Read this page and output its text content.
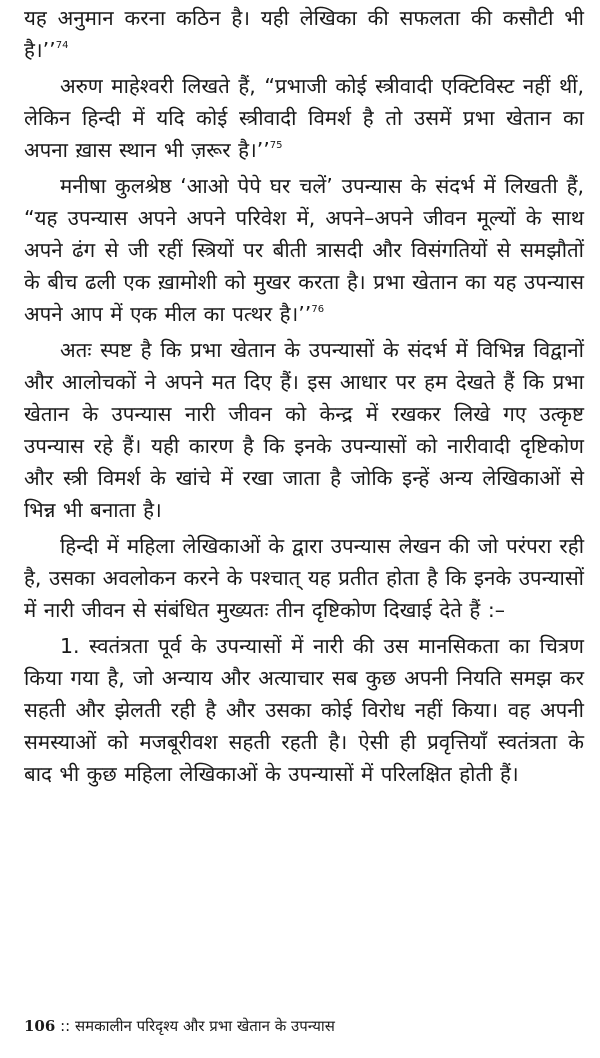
यह अनुमान करना कठिन है। यही लेखिका की सफलता की कसौटी भी है।’’$^{74}$

अरुण माहेश्वरी लिखते हैं, “प्रभाजी कोई स्त्रीवादी एक्टिविस्ट नहीं थीं, लेकिन हिन्दी में यदि कोई स्त्रीवादी विमर्श है तो उसमें प्रभा खेतान का अपना ख़ास स्थान भी ज़रूर है।’’$^{75}$

मनीषा कुलश्रेष्ठ ‘आओ पेपे घर चलें’ उपन्यास के संदर्भ में लिखती हैं, “यह उपन्यास अपने अपने परिवेश में, अपने–अपने जीवन मूल्यों के साथ अपने ढंग से जी रहीं स्त्रियों पर बीती त्रासदी और विसंगतियों से समझौतों के बीच ढली एक ख़ामोशी को मुखर करता है। प्रभा खेतान का यह उपन्यास अपने आप में एक मील का पत्थर है।’’$^{76}$

अतः स्पष्ट है कि प्रभा खेतान के उपन्यासों के संदर्भ में विभिन्न विद्वानों और आलोचकों ने अपने मत दिए हैं। इस आधार पर हम देखते हैं कि प्रभा खेतान के उपन्यास नारी जीवन को केन्द्र में रखकर लिखे गए उत्कृष्ट उपन्यास रहे हैं। यही कारण है कि इनके उपन्यासों को नारीवादी दृष्टिकोण और स्त्री विमर्श के खांचे में रखा जाता है जोकि इन्हें अन्य लेखिकाओं से भिन्न भी बनाता है।

हिन्दी में महिला लेखिकाओं के द्वारा उपन्यास लेखन की जो परंपरा रही है, उसका अवलोकन करने के पश्चात् यह प्रतीत होता है कि इनके उपन्यासों में नारी जीवन से संबंधित मुख्यतः तीन दृष्टिकोण दिखाई देते हैं :–

1. स्वतंत्रता पूर्व के उपन्यासों में नारी की उस मानसिकता का चित्रण किया गया है, जो अन्याय और अत्याचार सब कुछ अपनी नियति समझ कर सहती और झेलती रही है और उसका कोई विरोध नहीं किया। वह अपनी समस्याओं को मजबूरीवश सहती रहती है। ऐसी ही प्रवृत्तियाँ स्वतंत्रता के बाद भी कुछ महिला लेखिकाओं के उपन्यासों में परिलक्षित होती हैं।

106 :: समकालीन परिदृश्य और प्रभा खेतान के उपन्यास
